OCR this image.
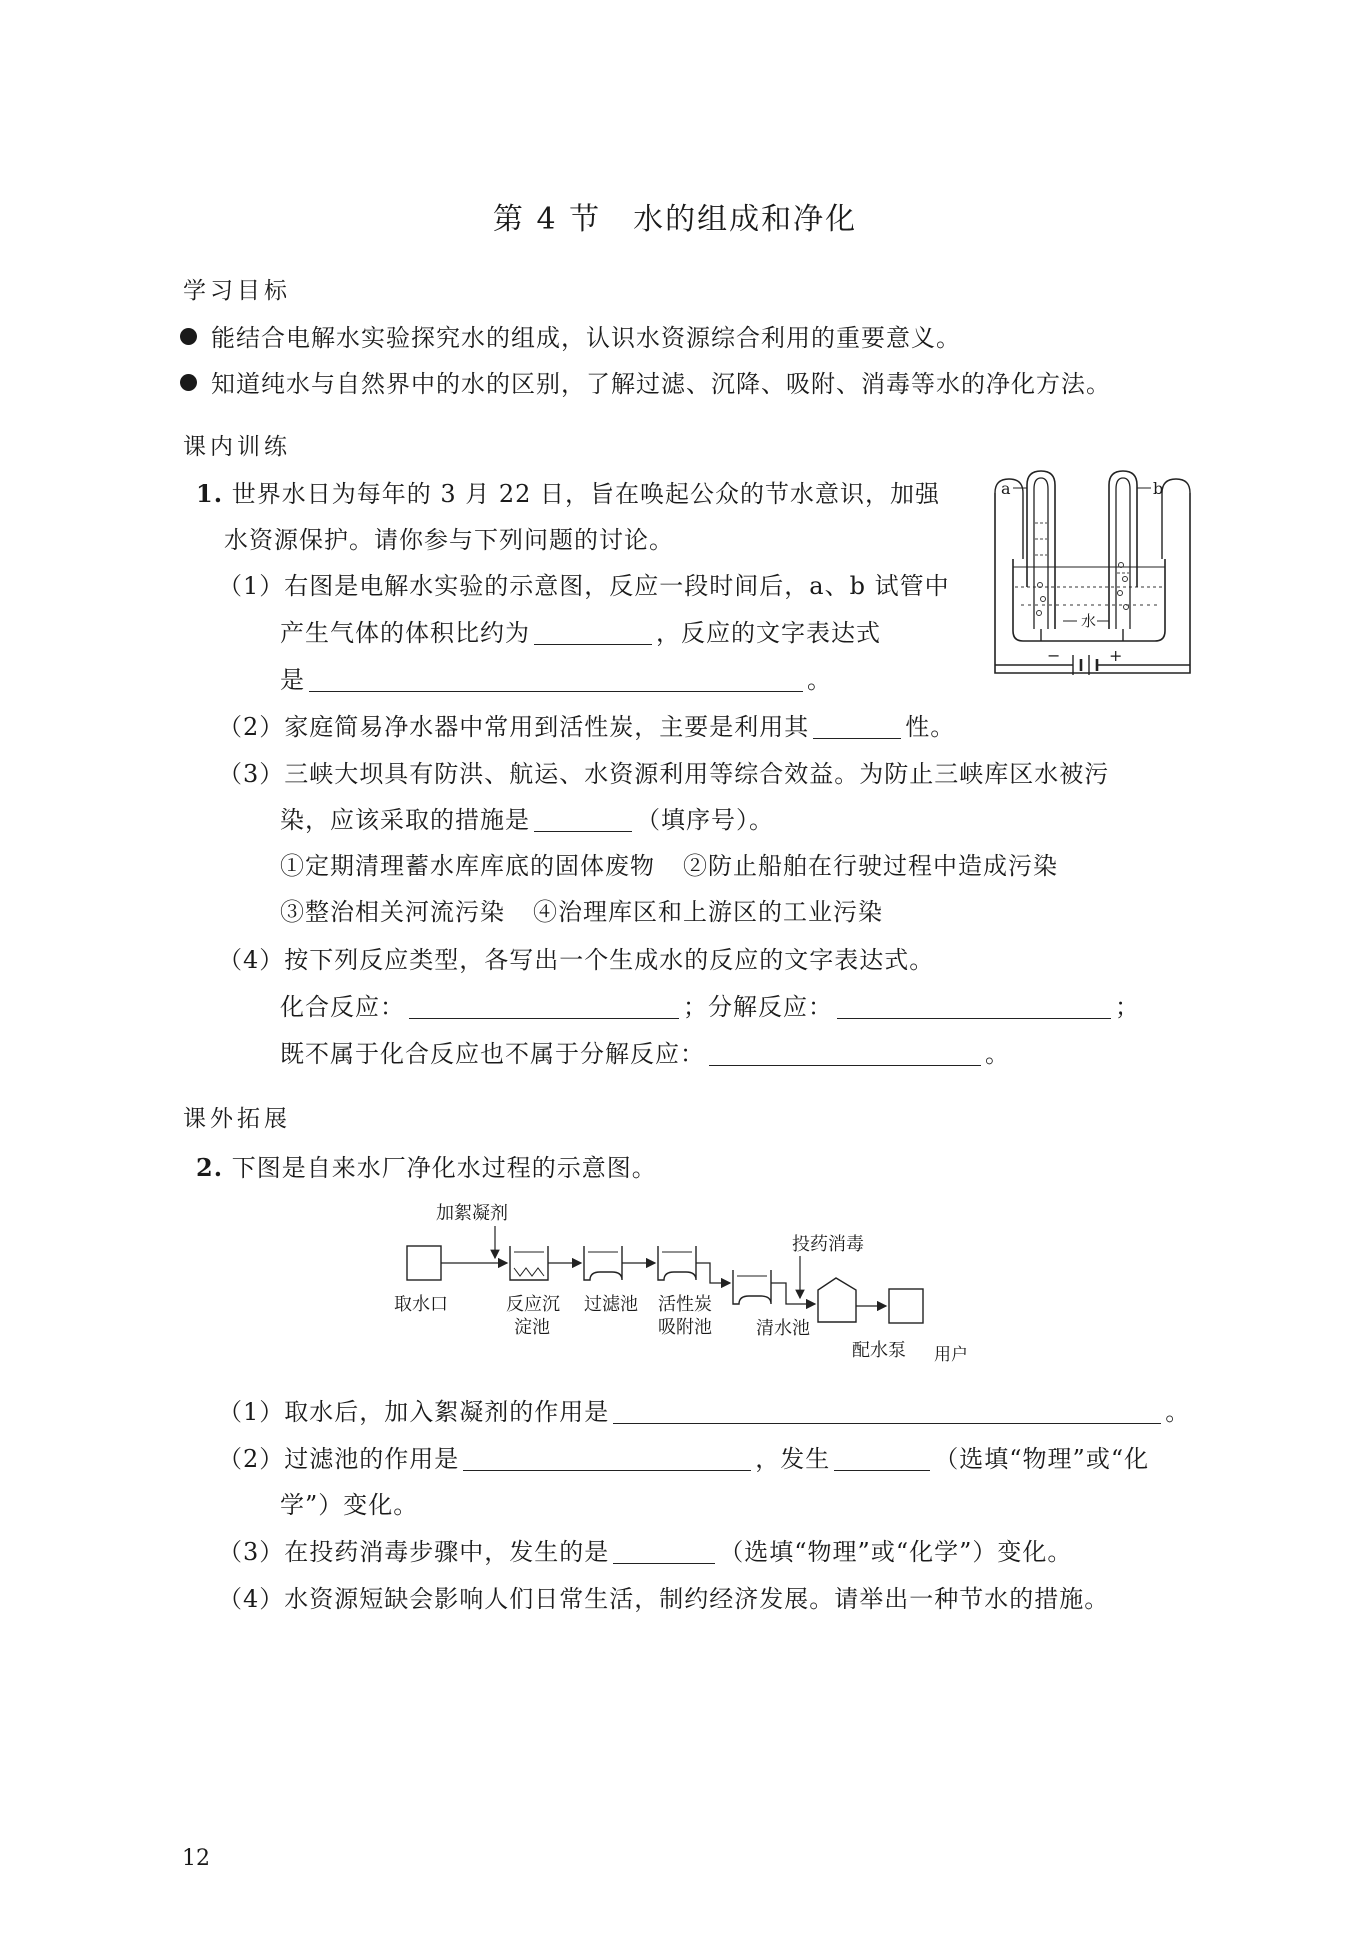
第 4 节　水的组成和净化
学习目标
能结合电解水实验探究水的组成，认识水资源综合利用的重要意义。
知道纯水与自然界中的水的区别，了解过滤、沉降、吸附、消毒等水的净化方法。
课内训练
1. 世界水日为每年的 3 月 22 日，旨在唤起公众的节水意识，加强
水资源保护。请你参与下列问题的讨论。
（1）右图是电解水实验的示意图，反应一段时间后，a、b 试管中
产生气体的体积比约为	，反应的文字表达式
是	。
a	b
水
−	+
（2）家庭简易净水器中常用到活性炭，主要是利用其	性。
（3）三峡大坝具有防洪、航运、水资源利用等综合效益。为防止三峡库区水被污
染，应该采取的措施是	（填序号）。
①定期清理蓄水库库底的固体废物 ②防止船舶在行驶过程中造成污染
③整治相关河流污染 ④治理库区和上游区的工业污染
（4）按下列反应类型，各写出一个生成水的反应的文字表达式。
化合反应：	；分解反应：	；
既不属于化合反应也不属于分解反应：	。
课外拓展
2. 下图是自来水厂净化水过程的示意图。
加絮凝剂
投药消毒
取水口	反应沉
淀池
过滤池 活性炭
吸附池 清水池
配水泵 用户
（1）取水后，加入絮凝剂的作用是	。
（2）过滤池的作用是	，发生	（选填“物理”或“化
学”）变化。
（3）在投药消毒步骤中，发生的是	（选填“物理”或“化学”）变化。
（4）水资源短缺会影响人们日常生活，制约经济发展。请举出一种节水的措施。
12
